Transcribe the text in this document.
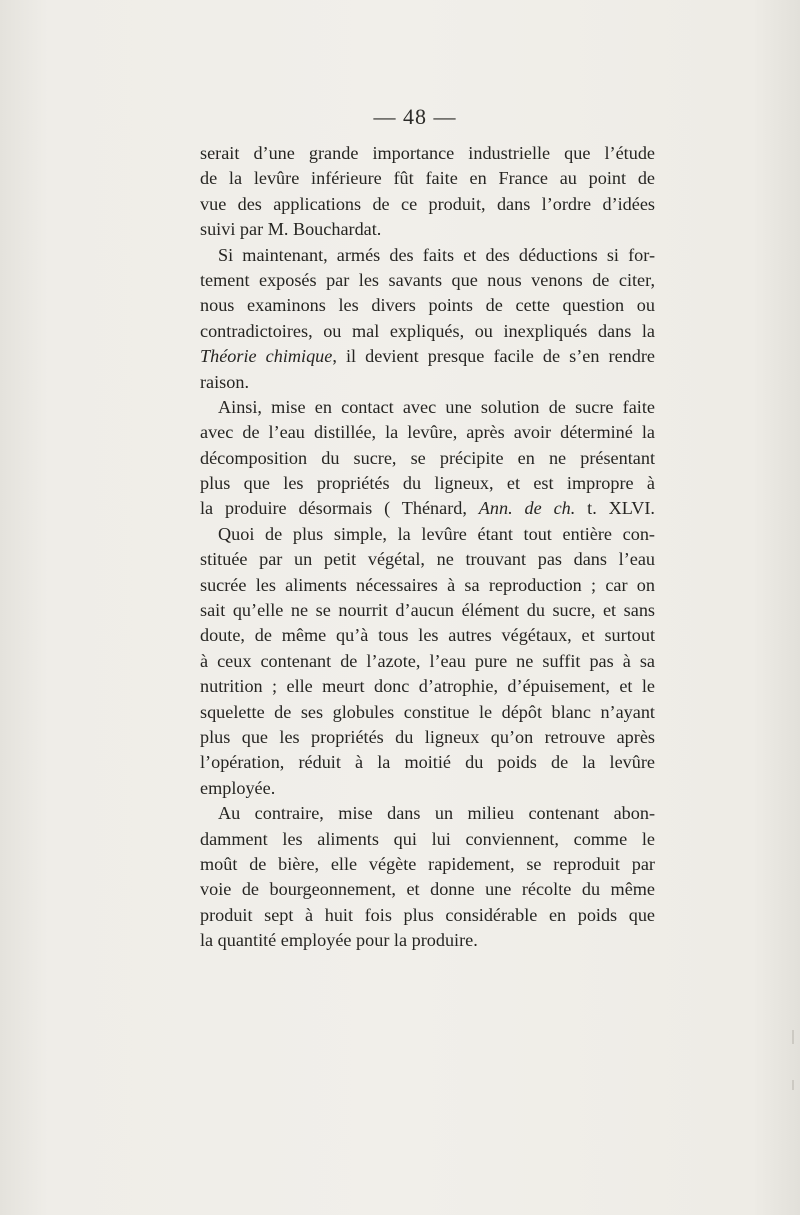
— 48 —
serait d’une grande importance industrielle que l’étude
de la levûre inférieure fût faite en France au point de
vue des applications de ce produit, dans l’ordre d’idées
suivi par M. Bouchardat.
Si maintenant, armés des faits et des déductions si for-
tement exposés par les savants que nous venons de citer,
nous examinons les divers points de cette question ou
contradictoires, ou mal expliqués, ou inexpliqués dans la
Théorie chimique, il devient presque facile de s’en rendre
raison.
Ainsi, mise en contact avec une solution de sucre faite
avec de l’eau distillée, la levûre, après avoir déterminé la
décomposition du sucre, se précipite en ne présentant
plus que les propriétés du ligneux, et est impropre à
la produire désormais ( Thénard, Ann. de ch. t. XLVI.
Quoi de plus simple, la levûre étant tout entière con-
stituée par un petit végétal, ne trouvant pas dans l’eau
sucrée les aliments nécessaires à sa reproduction ; car on
sait qu’elle ne se nourrit d’aucun élément du sucre, et sans
doute, de même qu’à tous les autres végétaux, et surtout
à ceux contenant de l’azote, l’eau pure ne suffit pas à sa
nutrition ; elle meurt donc d’atrophie, d’épuisement, et le
squelette de ses globules constitue le dépôt blanc n’ayant
plus que les propriétés du ligneux qu’on retrouve après
l’opération, réduit à la moitié du poids de la levûre
employée.
Au contraire, mise dans un milieu contenant abon-
damment les aliments qui lui conviennent, comme le
moût de bière, elle végète rapidement, se reproduit par
voie de bourgeonnement, et donne une récolte du même
produit sept à huit fois plus considérable en poids que
la quantité employée pour la produire.
